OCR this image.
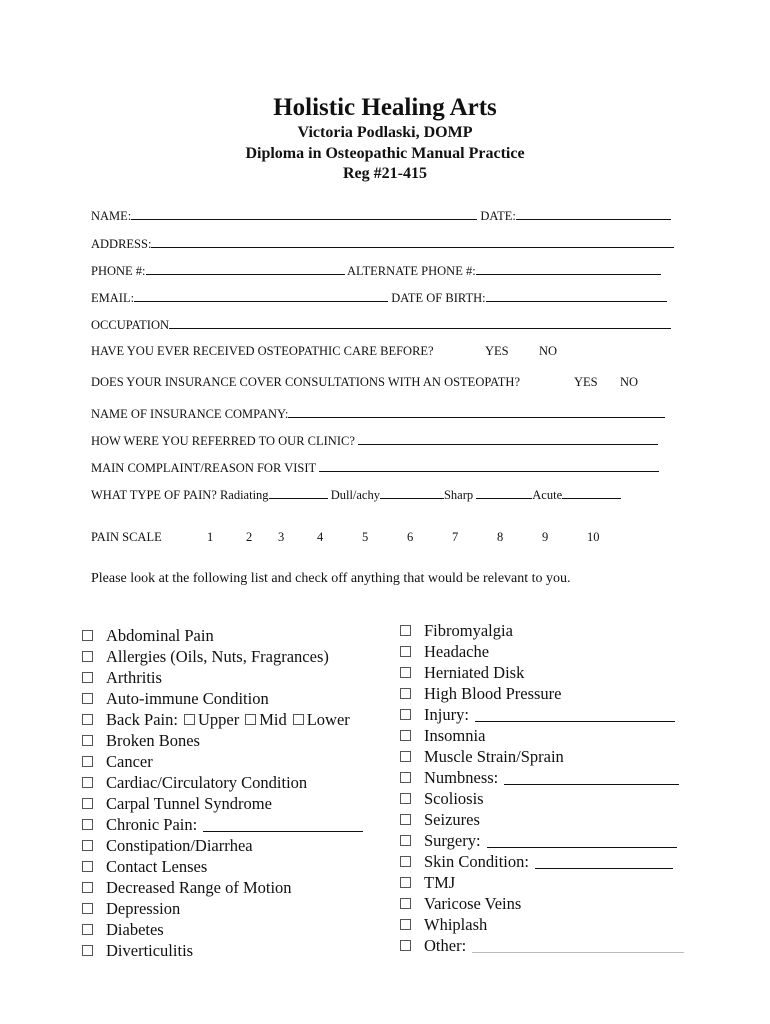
Holistic Healing Arts
Victoria Podlaski, DOMP
Diploma in Osteopathic Manual Practice
Reg #21-415
NAME:	DATE:
ADDRESS:
PHONE #:	ALTERNATE PHONE #:
EMAIL:	DATE OF BIRTH:
OCCUPATION
HAVE YOU EVER RECEIVED OSTEOPATHIC CARE BEFORE?	YES NO
DOES YOUR INSURANCE COVER CONSULTATIONS WITH AN OSTEOPATH?	YES NO
NAME OF INSURANCE COMPANY:
HOW WERE YOU REFERRED TO OUR CLINIC?
MAIN COMPLAINT/REASON FOR VISIT
WHAT TYPE OF PAIN? Radiating	Dull/achy	Sharp	Acute
PAIN SCALE	1	2 3	4	5	6	7	8	9	10
Please look at the following list and check off anything that would be relevant to you.
Abdominal Pain
Allergies (Oils, Nuts, Fragrances)
Arthritis
Auto-immune Condition
Back Pain: Upper Mid Lower
Broken Bones
Cancer
Cardiac/Circulatory Condition
Carpal Tunnel Syndrome
Chronic Pain:
Constipation/Diarrhea
Contact Lenses
Decreased Range of Motion
Depression
Diabetes
Diverticulitis
Fibromyalgia
Headache
Herniated Disk
High Blood Pressure
Injury:
Insomnia
Muscle Strain/Sprain
Numbness:
Scoliosis
Seizures
Surgery:
Skin Condition:
TMJ
Varicose Veins
Whiplash
Other:
